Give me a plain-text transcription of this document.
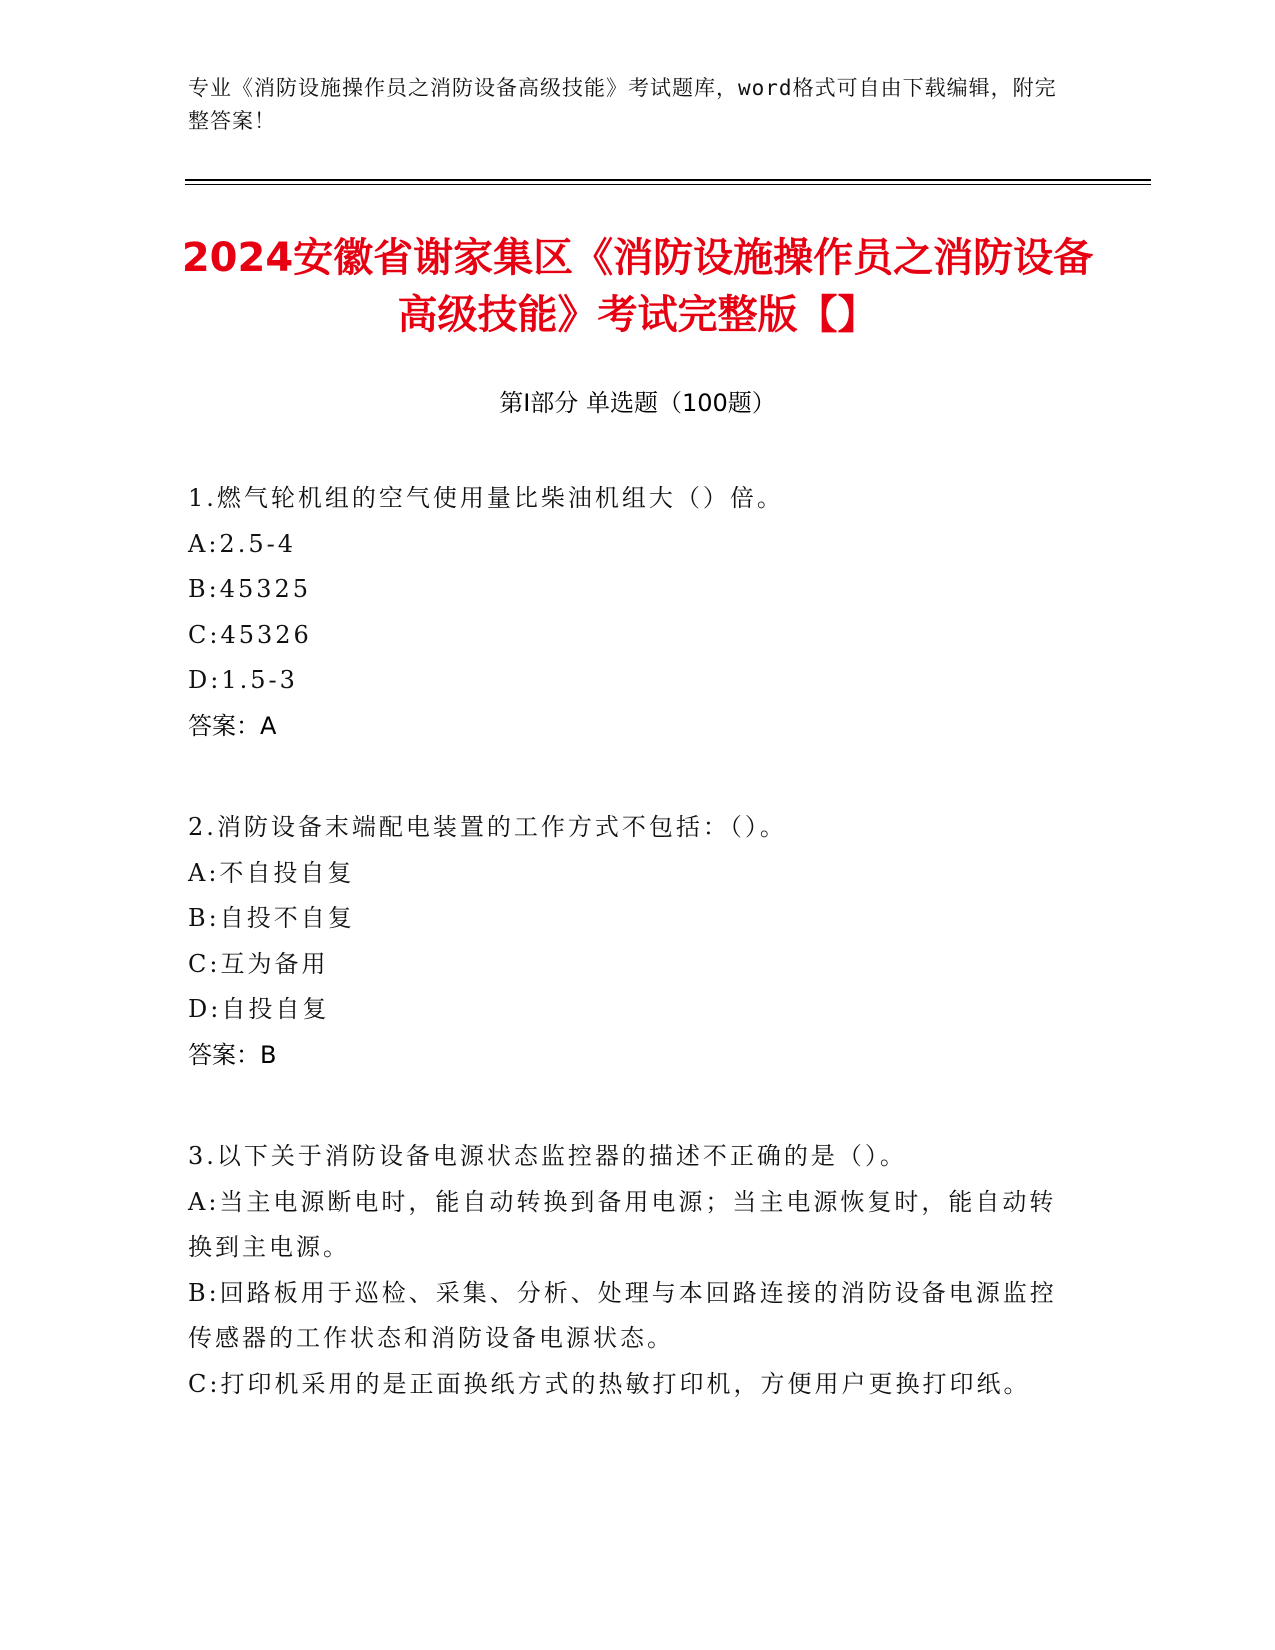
专业《消防设施操作员之消防设备高级技能》考试题库，word格式可自由下载编辑，附完整答案！
2024安徽省谢家集区《消防设施操作员之消防设备高级技能》考试完整版【】
第Ⅰ部分 单选题（100题）
1.燃气轮机组的空气使用量比柴油机组大（）倍。
A:2.5-4
B:45325
C:45326
D:1.5-3
答案：A
2.消防设备末端配电装置的工作方式不包括：（）。
A:不自投自复
B:自投不自复
C:互为备用
D:自投自复
答案：B
3.以下关于消防设备电源状态监控器的描述不正确的是（）。
A:当主电源断电时，能自动转换到备用电源；当主电源恢复时，能自动转换到主电源。
B:回路板用于巡检、采集、分析、处理与本回路连接的消防设备电源监控传感器的工作状态和消防设备电源状态。
C:打印机采用的是正面换纸方式的热敏打印机，方便用户更换打印纸。
